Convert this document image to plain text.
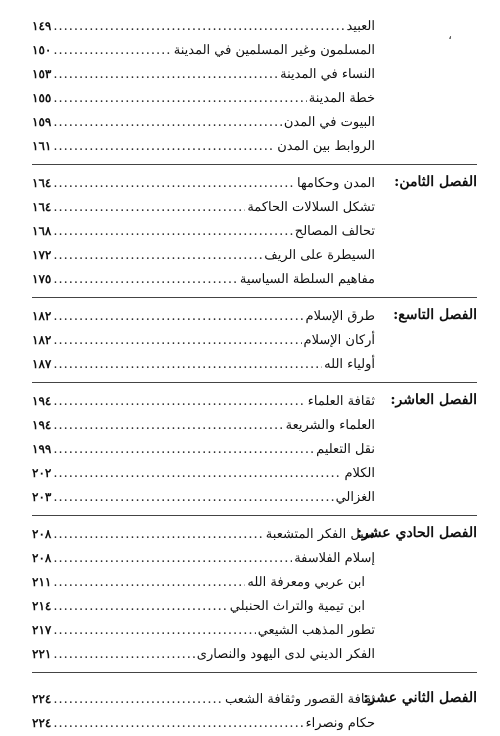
،
العبيد
.....
١٤٩
المسلمون وغير المسلمين في المدينة
.....
١٥٠
النساء في المدينة
.....
١٥٣
خطة المدينة
.....
١٥٥
البيوت في المدن
.....
١٥٩
الروابط بين المدن
.....
١٦١
الفصل الثامن:
المدن وحكامها
.....
١٦٤
تشكل السلالات الحاكمة
.....
١٦٤
تحالف المصالح
.....
١٦٨
السيطرة على الريف
.....
١٧٢
مفاهيم السلطة السياسية
.....
١٧٥
الفصل التاسع:
طرق الإسلام
.....
١٨٢
أركان الإسلام
.....
١٨٢
أولياء الله
.....
١٨٧
الفصل العاشر:
ثقافة العلماء
.....
١٩٤
العلماء والشريعة
.....
١٩٤
نقل التعليم
.....
١٩٩
الكلام
.....
٢٠٢
الغزالي
.....
٢٠٣
الفصل الحادي عشر:
سبل الفكر المتشعبة
.....
٢٠٨
إسلام الفلاسفة
.....
٢٠٨
ابن عربي ومعرفة الله
.....
٢١١
ابن تيمية والتراث الحنبلي
.....
٢١٤
تطور المذهب الشيعي
.....
٢١٧
الفكر الديني لدى اليهود والنصارى
.....
٢٢١
الفصل الثاني عشر:
ثقافة القصور وثقافة الشعب
.....
٢٢٤
حكام ونصراء
.....
٢٢٤
